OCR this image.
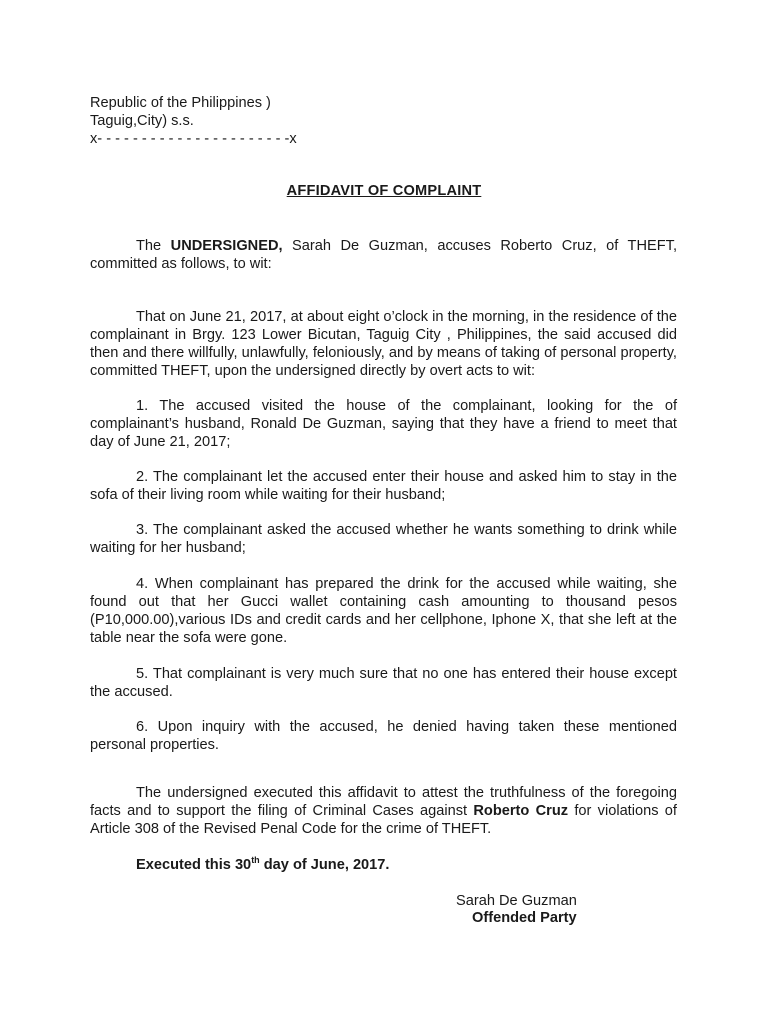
Republic of the Philippines )
Taguig,City) s.s.
x- - - - - - - - - - - - - - - - - - - - - -x
AFFIDAVIT OF COMPLAINT
The UNDERSIGNED, Sarah De Guzman, accuses Roberto Cruz, of THEFT, committed as follows, to wit:
That on June 21, 2017, at about eight o’clock in the morning, in the residence of the complainant in Brgy. 123 Lower Bicutan, Taguig City , Philippines, the said accused did then and there willfully, unlawfully, feloniously, and by means of taking of personal property, committed THEFT, upon the undersigned directly by overt acts to wit:
1. The accused visited the house of the complainant, looking for the of complainant’s husband, Ronald De Guzman, saying that they have a friend to meet that day of June 21, 2017;
2. The complainant let the accused enter their house and asked him to stay in the sofa of their living room while waiting for their husband;
3. The complainant asked the accused whether he wants something to drink while waiting for her husband;
4. When complainant has prepared the drink for the accused while waiting, she found out that her Gucci wallet containing cash amounting to thousand pesos (P10,000.00),various IDs and credit cards and her cellphone, Iphone X, that she left at the table near the sofa were gone.
5. That complainant is very much sure that no one has entered their house except the accused.
6. Upon inquiry with the accused, he denied having taken these mentioned personal properties.
The undersigned executed this affidavit to attest the truthfulness of the foregoing facts and to support the filing of Criminal Cases against Roberto Cruz for violations of Article 308 of the Revised Penal Code for the crime of THEFT.
Executed this 30th day of June, 2017.
Sarah De Guzman
Offended Party
